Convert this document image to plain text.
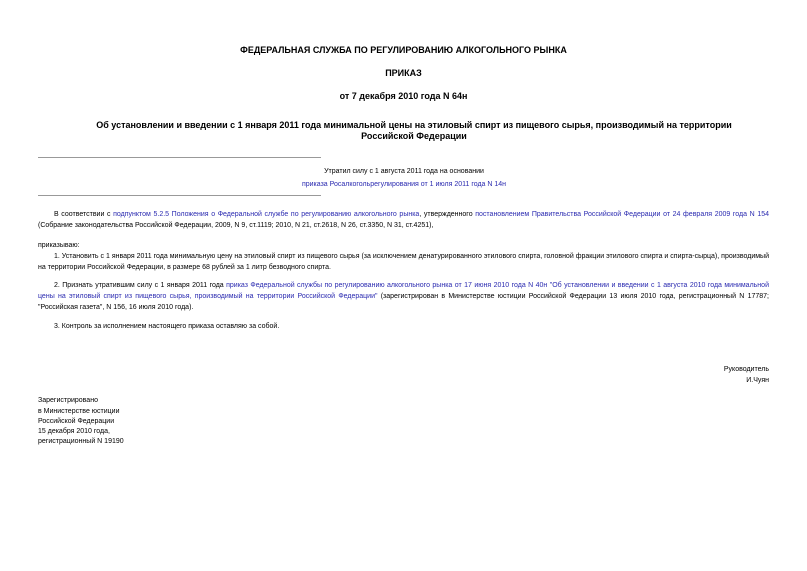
ФЕДЕРАЛЬНАЯ СЛУЖБА ПО РЕГУЛИРОВАНИЮ АЛКОГОЛЬНОГО РЫНКА
ПРИКАЗ
от 7 декабря 2010 года N 64н
Об установлении и введении с 1 января 2011 года минимальной цены на этиловый спирт из пищевого сырья, производимый на территории Российской Федерации
Утратил силу с 1 августа 2011 года на основании
приказа Росалкогольрегулирования от 1 июля 2011 года N 14н
В соответствии с подпунктом 5.2.5 Положения о Федеральной службе по регулированию алкогольного рынка, утвержденного постановлением Правительства Российской Федерации от 24 февраля 2009 года N 154 (Собрание законодательства Российской Федерации, 2009, N 9, ст.1119; 2010, N 21, ст.2618, N 26, ст.3350, N 31, ст.4251),
приказываю:
1. Установить с 1 января 2011 года минимальную цену на этиловый спирт из пищевого сырья (за исключением денатурированного этилового спирта, головной фракции этилового спирта и спирта-сырца), производимый на территории Российской Федерации, в размере 68 рублей за 1 литр безводного спирта.
2. Признать утратившим силу с 1 января 2011 года приказ Федеральной службы по регулированию алкогольного рынка от 17 июня 2010 года N 40н "Об установлении и введении с 1 августа 2010 года минимальной цены на этиловый спирт из пищевого сырья, производимый на территории Российской Федерации" (зарегистрирован в Министерстве юстиции Российской Федерации 13 июля 2010 года, регистрационный N 17787; "Российская газета", N 156, 16 июля 2010 года).
3. Контроль за исполнением настоящего приказа оставляю за собой.
Руководитель
И.Чуян
Зарегистрировано
в Министерстве юстиции
Российской Федерации
15 декабря 2010 года,
регистрационный N 19190
